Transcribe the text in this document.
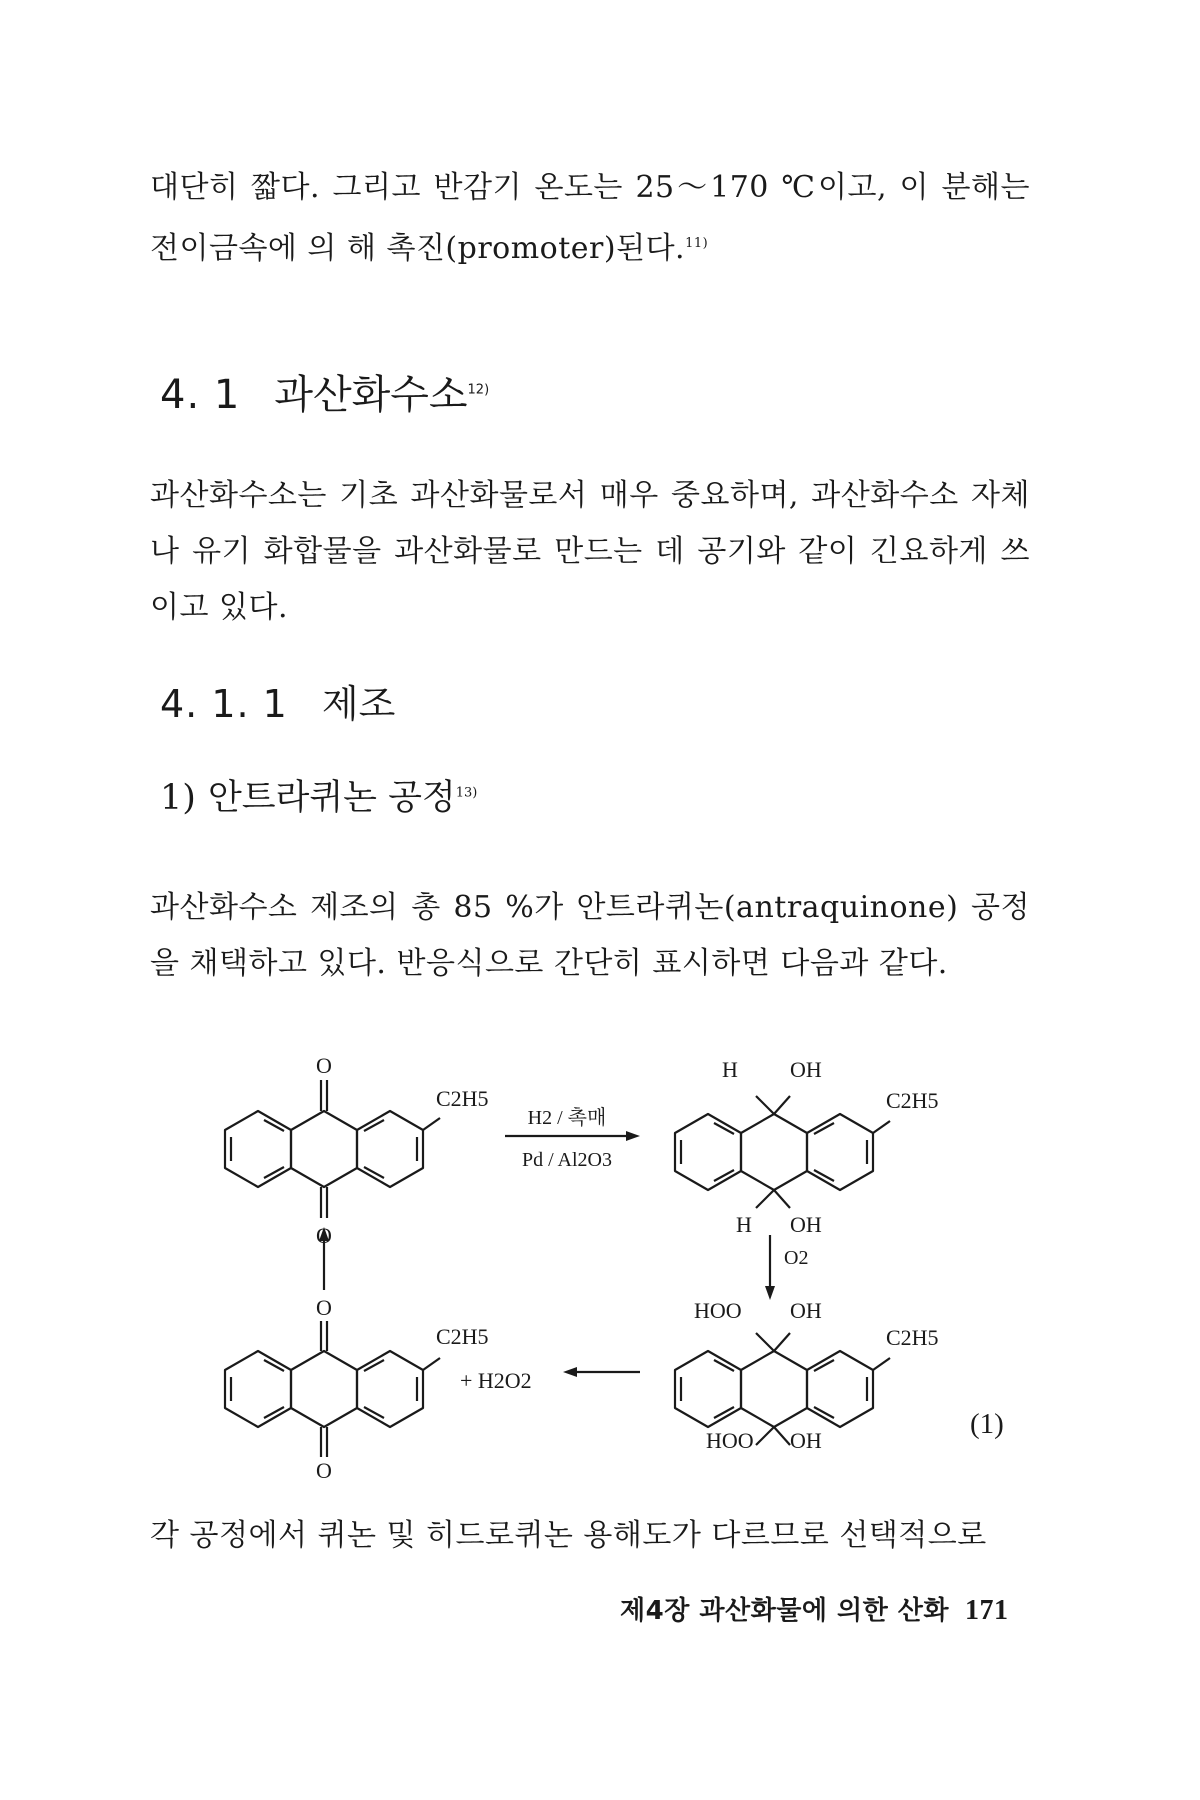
대단히 짧다. 그리고 반감기 온도는 25～170 ℃이고, 이 분해는 전이금속에 의 해 촉진(promoter)된다.$^{11)}$
4. 1 과산화수소$^{12)}$
과산화수소는 기초 과산화물로서 매우 중요하며, 과산화수소 자체나 유기 화합물을 과산화물로 만드는 데 공기와 같이 긴요하게 쓰이고 있다.
4. 1. 1 제조
1) 안트라퀴논 공정$^{13)}$
과산화수소 제조의 총 85 %가 안트라퀴논(antraquinone) 공정을 채택하고 있다. 반응식으로 간단히 표시하면 다음과 같다.
O
O
C2H5
H2 / 촉매
Pd / Al2O3
H OH
C2H5
H OH
O2
HOO OH
C2H5
HOO OH
O
O
C2H5
+ H2O2
(1)
각 공정에서 퀴논 및 히드로퀴논 용해도가 다르므로 선택적으로
제4장 과산화물에 의한 산화 171
